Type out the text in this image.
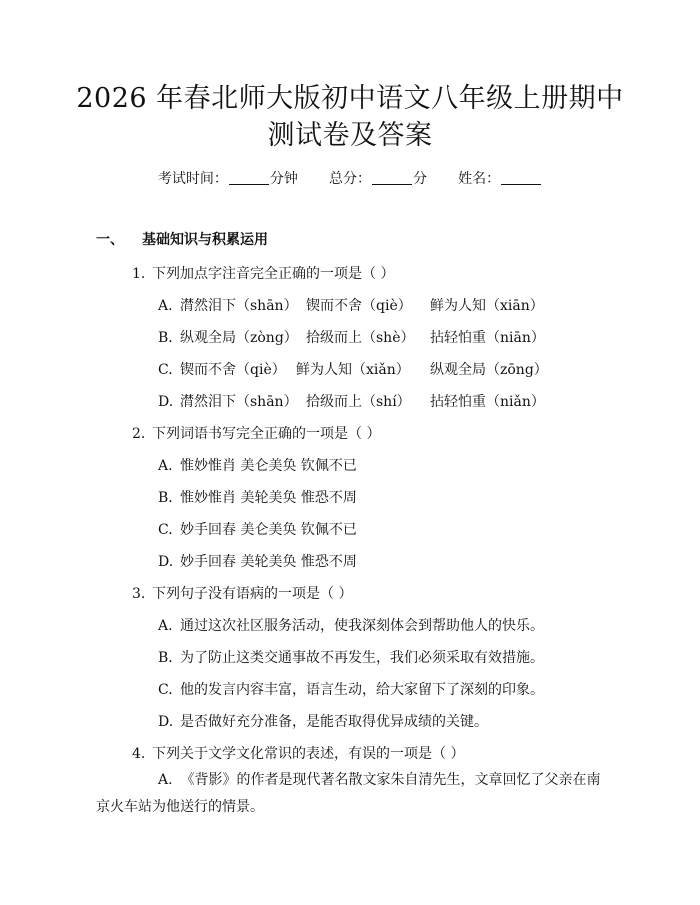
2026 年春北师大版初中语文八年级上册期中
测试卷及答案
考试时间：	分钟 总分：	分 姓名：
一、 基础知识与积累运用
1. 下列加点字注音完全正确的一项是（ ）
A. 潸然泪下（shān） 锲而不舍（qiè） 鲜为人知（xiān）
B. 纵观全局（zòng） 拾级而上（shè） 拈轻怕重（niān）
C. 锲而不舍（qiè） 鲜为人知（xiǎn） 纵观全局（zōng）
D. 潸然泪下（shān） 拾级而上（shí） 拈轻怕重（niǎn）
2. 下列词语书写完全正确的一项是（ ）
A. 惟妙惟肖 美仑美奂 钦佩不已
B. 惟妙惟肖 美轮美奂 惟恐不周
C. 妙手回春 美仑美奂 钦佩不已
D. 妙手回春 美轮美奂 惟恐不周
3. 下列句子没有语病的一项是（ ）
A. 通过这次社区服务活动，使我深刻体会到帮助他人的快乐。
B. 为了防止这类交通事故不再发生，我们必须采取有效措施。
C. 他的发言内容丰富，语言生动，给大家留下了深刻的印象。
D. 是否做好充分准备，是能否取得优异成绩的关键。
4. 下列关于文学文化常识的表述，有误的一项是（ ）
A. 《背影》的作者是现代著名散文家朱自清先生，文章回忆了父亲在南京火车站为他送行的情景。
